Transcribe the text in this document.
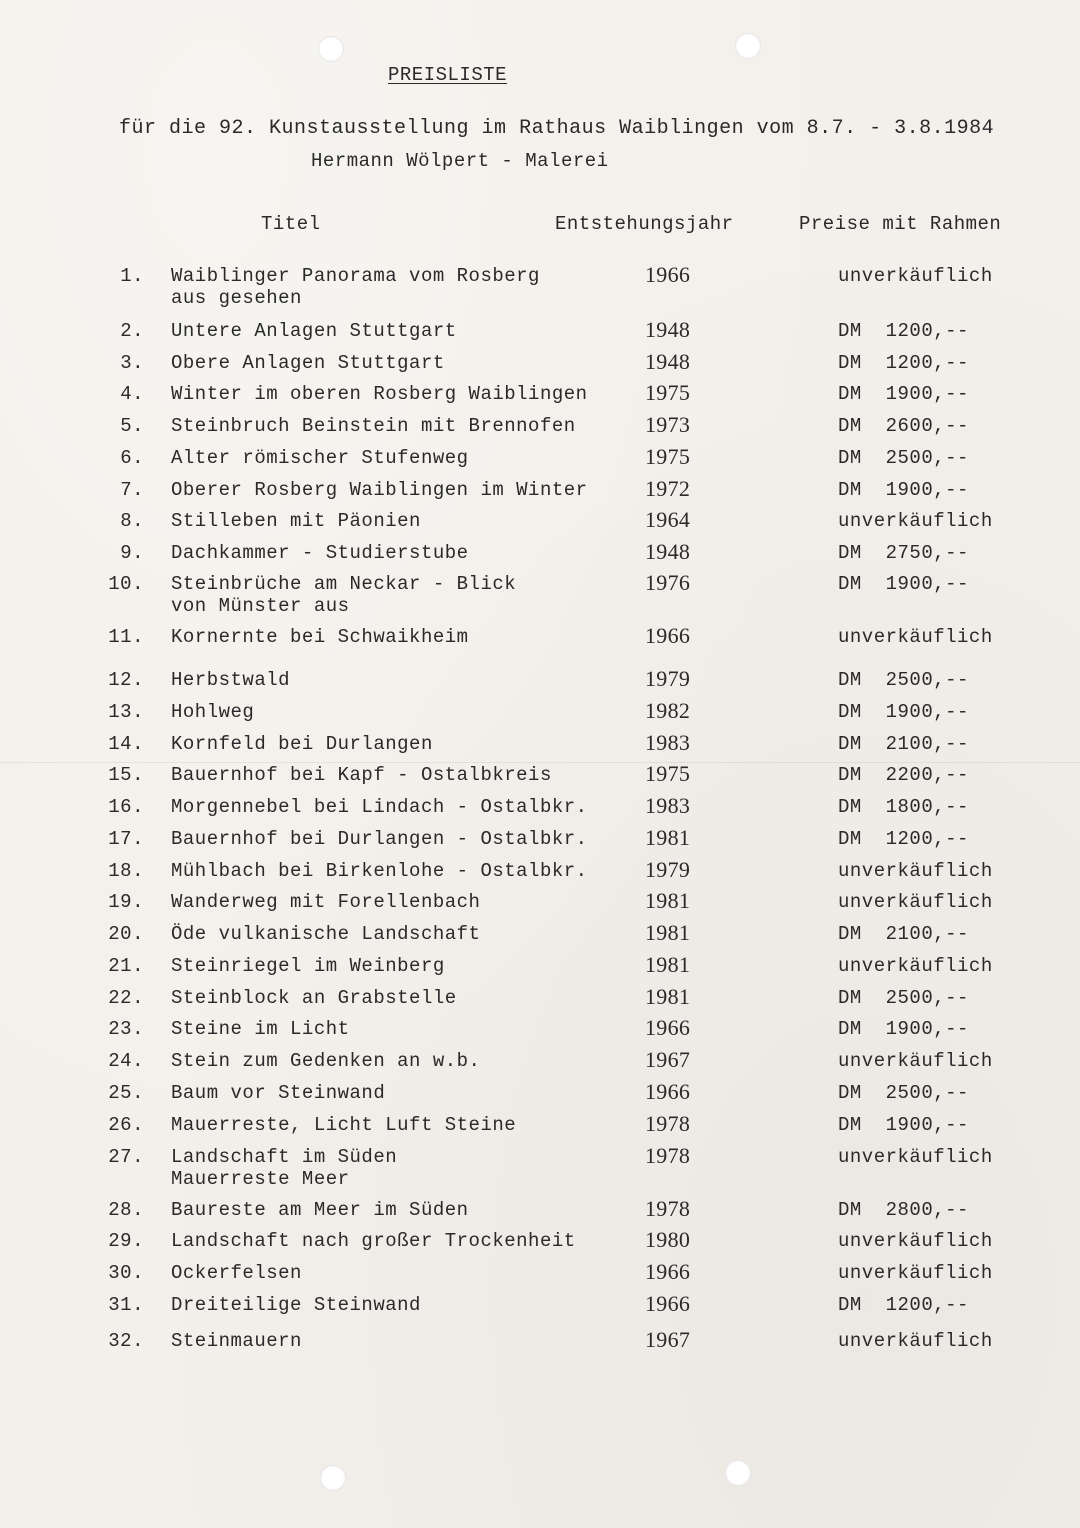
PREISLISTE
für die 92. Kunstausstellung im Rathaus Waiblingen vom 8.7. - 3.8.1984
Hermann Wölpert - Malerei
Titel	Entstehungsjahr	Preise mit Rahmen
1. Waiblinger Panorama vom Rosberg
aus gesehen
1966	unverkäuflich
2. Untere Anlagen Stuttgart	1948	DM  1200,--
3. Obere Anlagen Stuttgart	1948	DM  1200,--
4. Winter im oberen Rosberg Waiblingen	1975	DM  1900,--
5. Steinbruch Beinstein mit Brennofen	1973	DM  2600,--
6. Alter römischer Stufenweg	1975	DM  2500,--
7. Oberer Rosberg Waiblingen im Winter	1972	DM  1900,--
8. Stilleben mit Päonien	1964	unverkäuflich
9. Dachkammer - Studierstube	1948	DM  2750,--
10. Steinbrüche am Neckar - Blick
von Münster aus
1976	DM  1900,--
11. Kornernte bei Schwaikheim	1966	unverkäuflich
12. Herbstwald	1979	DM  2500,--
13. Hohlweg	1982	DM  1900,--
14. Kornfeld bei Durlangen	1983	DM  2100,--
15. Bauernhof bei Kapf - Ostalbkreis	1975	DM  2200,--
16. Morgennebel bei Lindach - Ostalbkr.	1983	DM  1800,--
17. Bauernhof bei Durlangen - Ostalbkr.	1981	DM  1200,--
18. Mühlbach bei Birkenlohe - Ostalbkr.	1979	unverkäuflich
19. Wanderweg mit Forellenbach	1981	unverkäuflich
20. Öde vulkanische Landschaft	1981	DM  2100,--
21. Steinriegel im Weinberg	1981	unverkäuflich
22. Steinblock an Grabstelle	1981	DM  2500,--
23. Steine im Licht	1966	DM  1900,--
24. Stein zum Gedenken an w.b.	1967	unverkäuflich
25. Baum vor Steinwand	1966	DM  2500,--
26. Mauerreste, Licht Luft Steine	1978	DM  1900,--
27. Landschaft im Süden
Mauerreste Meer
1978	unverkäuflich
28. Baureste am Meer im Süden	1978	DM  2800,--
29. Landschaft nach großer Trockenheit	1980	unverkäuflich
30. Ockerfelsen	1966	unverkäuflich
31. Dreiteilige Steinwand	1966	DM  1200,--
32. Steinmauern	1967	unverkäuflich
